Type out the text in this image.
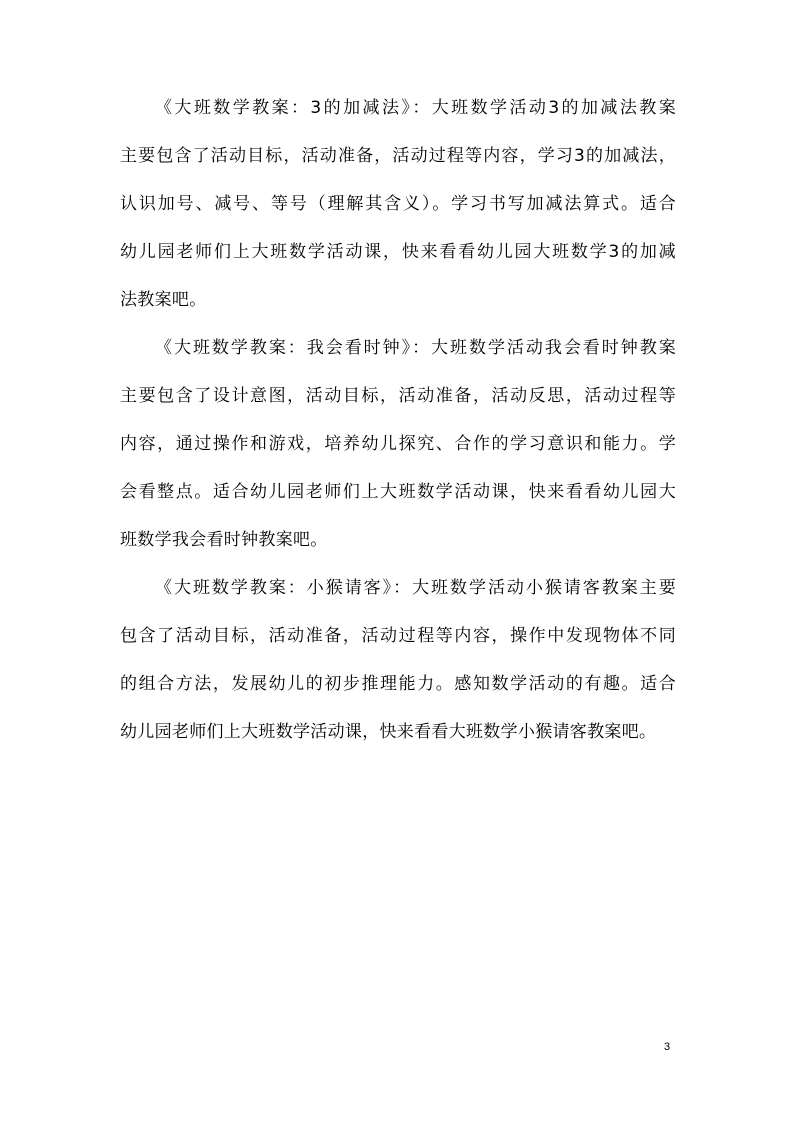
《大班数学教案：3的加减法》：大班数学活动3的加减法教案
主要包含了活动目标，活动准备，活动过程等内容，学习3的加减法，
认识加号、减号、等号（理解其含义）。学习书写加减法算式。适合
幼儿园老师们上大班数学活动课，快来看看幼儿园大班数学3的加减
法教案吧。
《大班数学教案：我会看时钟》：大班数学活动我会看时钟教案
主要包含了设计意图，活动目标，活动准备，活动反思，活动过程等
内容，通过操作和游戏，培养幼儿探究、合作的学习意识和能力。学
会看整点。适合幼儿园老师们上大班数学活动课，快来看看幼儿园大
班数学我会看时钟教案吧。
《大班数学教案：小猴请客》：大班数学活动小猴请客教案主要
包含了活动目标，活动准备，活动过程等内容，操作中发现物体不同
的组合方法，发展幼儿的初步推理能力。感知数学活动的有趣。适合
幼儿园老师们上大班数学活动课，快来看看大班数学小猴请客教案吧。
3
